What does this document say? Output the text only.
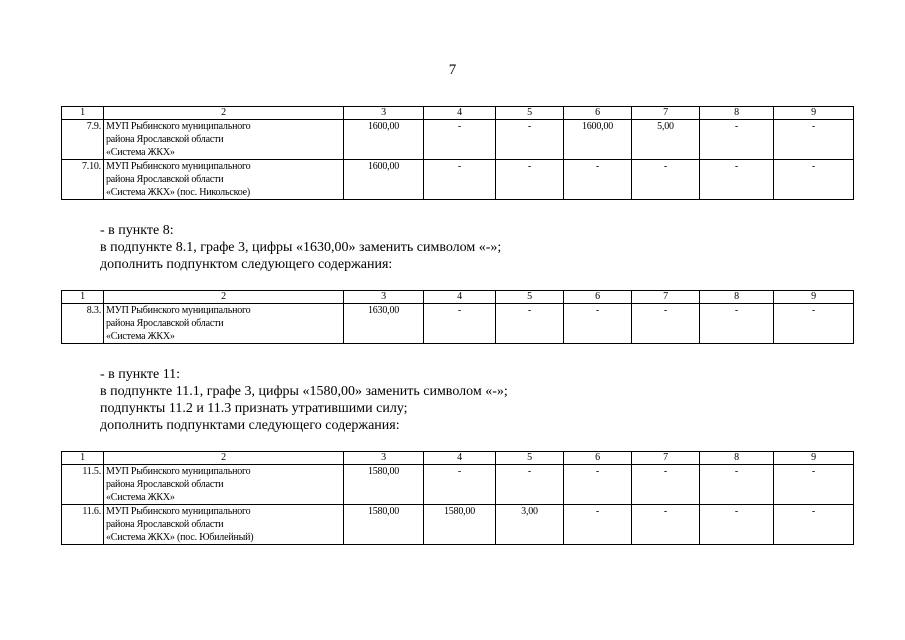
7
1	2	3	4	5	6	7	8	9
7.9.	МУП Рыбинского муниципального
района Ярославской области
«Система ЖКХ»	1600,00	-	-	1600,00	5,00	-	-
7.10.	МУП Рыбинского муниципального
района Ярославской области
«Система ЖКХ» (пос. Никольское)	1600,00	-	-	-	-	-	-
- в пункте 8:
в подпункте 8.1, графе 3, цифры «1630,00» заменить символом «-»;
дополнить подпунктом следующего содержания:
1	2	3	4	5	6	7	8	9
8.3.	МУП Рыбинского муниципального
района Ярославской области
«Система ЖКХ»	1630,00	-	-	-	-	-	-
- в пункте 11:
в подпункте 11.1, графе 3, цифры «1580,00» заменить символом «-»;
подпункты 11.2 и 11.3 признать утратившими силу;
дополнить подпунктами следующего содержания:
1	2	3	4	5	6	7	8	9
11.5.	МУП Рыбинского муниципального
района Ярославской области
«Система ЖКХ»	1580,00	-	-	-	-	-	-
11.6.	МУП Рыбинского муниципального
района Ярославской области
«Система ЖКХ» (пос. Юбилейный)	1580,00	1580,00	3,00	-	-	-	-
